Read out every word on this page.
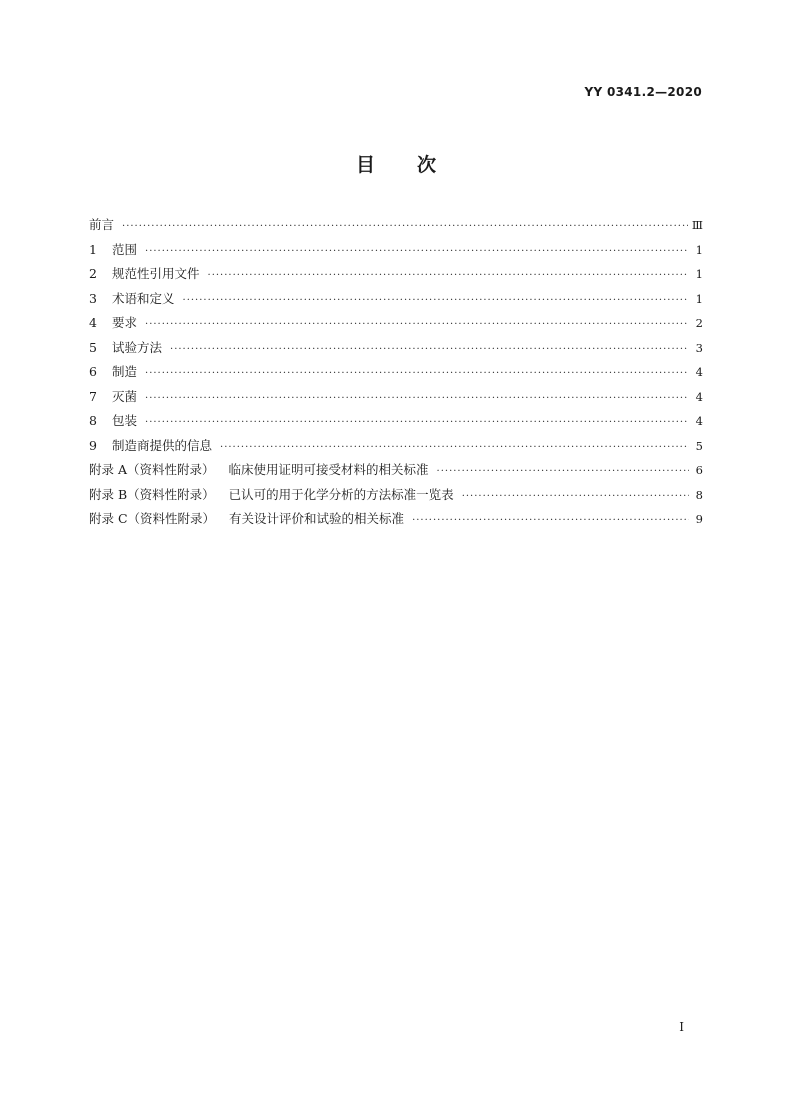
YY 0341.2—2020
目次
前言 ·····	Ⅲ
1	范围 ·····	1
2	规范性引用文件 ·····	1
3	术语和定义 ·····	1
4	要求 ·····	2
5	试验方法 ·····	3
6	制造 ·····	4
7	灭菌 ·····	4
8	包装 ·····	4
9	制造商提供的信息 ·····	5
附录 A（资料性附录） 临床使用证明可接受材料的相关标准 ·····	6
附录 B（资料性附录） 已认可的用于化学分析的方法标准一览表 ·····	8
附录 C（资料性附录） 有关设计评价和试验的相关标准 ·····	9
I
